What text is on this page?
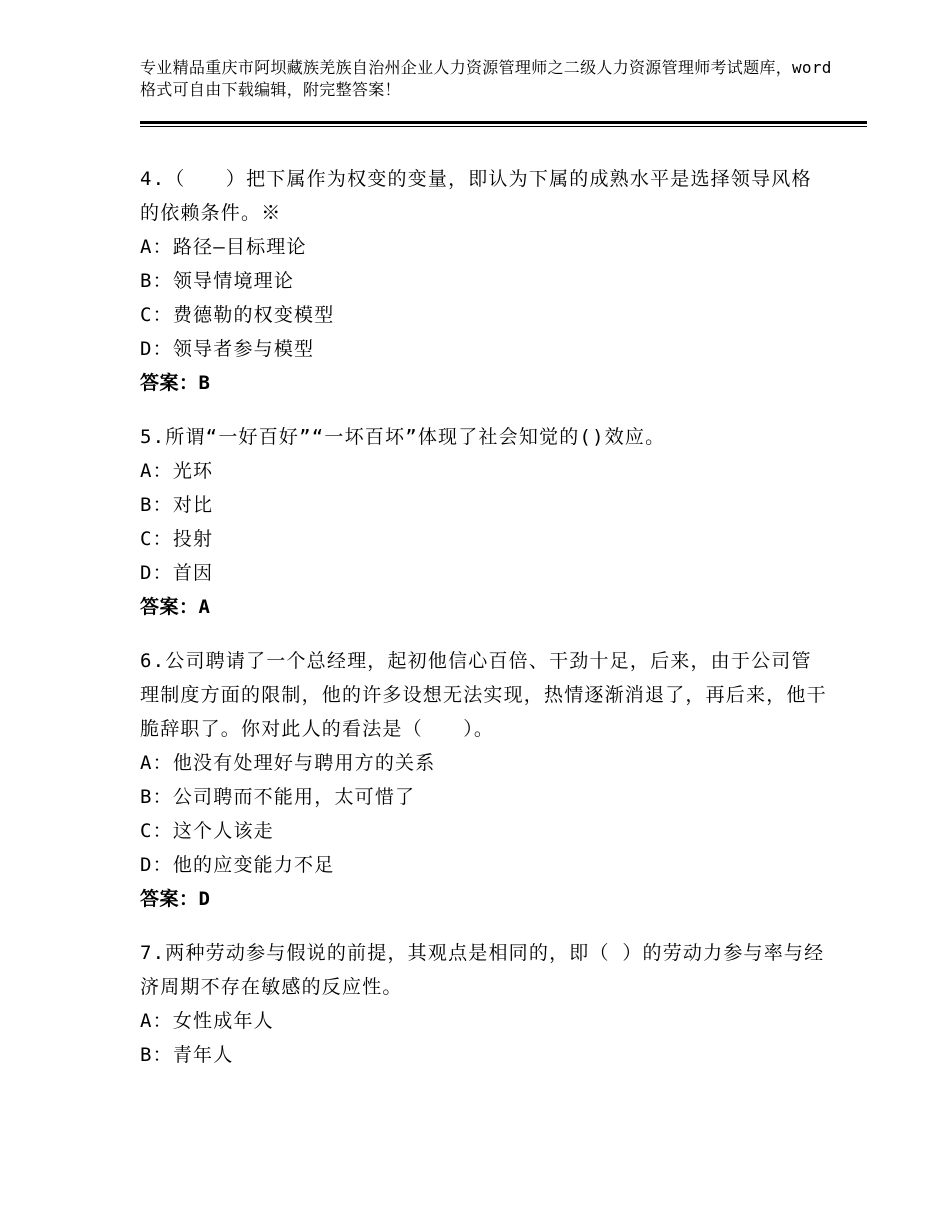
专业精品重庆市阿坝藏族羌族自治州企业人力资源管理师之二级人力资源管理师考试题库，word格式可自由下载编辑，附完整答案！

4.（　　）把下属作为权变的变量，即认为下属的成熟水平是选择领导风格的依赖条件。※

A：路径—目标理论

B：领导情境理论

C：费德勒的权变模型

D：领导者参与模型

答案：B

5.所谓“一好百好”“一坏百坏”体现了社会知觉的()效应。

A：光环

B：对比

C：投射

D：首因

答案：A

6.公司聘请了一个总经理，起初他信心百倍、干劲十足，后来，由于公司管理制度方面的限制，他的许多设想无法实现，热情逐渐消退了，再后来，他干脆辞职了。你对此人的看法是（　　）。

A：他没有处理好与聘用方的关系

B：公司聘而不能用，太可惜了

C：这个人该走

D：他的应变能力不足

答案：D

7.两种劳动参与假说的前提，其观点是相同的，即（ ）的劳动力参与率与经济周期不存在敏感的反应性。

A：女性成年人

B：青年人
